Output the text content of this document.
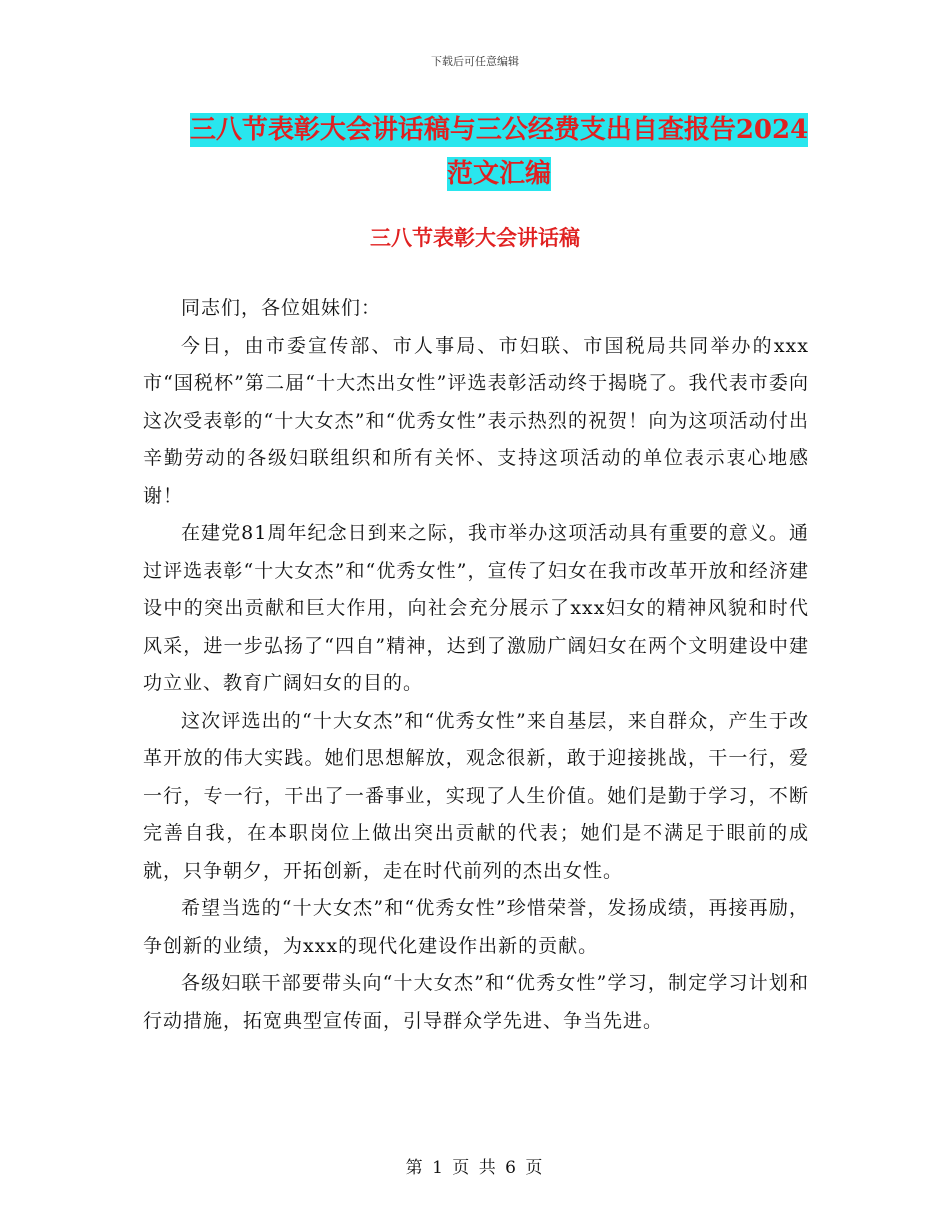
下载后可任意编辑
三八节表彰大会讲话稿与三公经费支出自查报告2024
范文汇编
三八节表彰大会讲话稿

同志们，各位姐妹们：

今日，由市委宣传部、市人事局、市妇联、市国税局共同举办的xxx市“国税杯”第二届“十大杰出女性”评选表彰活动终于揭晓了。我代表市委向这次受表彰的“十大女杰”和“优秀女性”表示热烈的祝贺！向为这项活动付出辛勤劳动的各级妇联组织和所有关怀、支持这项活动的单位表示衷心地感谢！

在建党81周年纪念日到来之际，我市举办这项活动具有重要的意义。通过评选表彰“十大女杰”和“优秀女性”，宣传了妇女在我市改革开放和经济建设中的突出贡献和巨大作用，向社会充分展示了xxx妇女的精神风貌和时代风采，进一步弘扬了“四自”精神，达到了激励广阔妇女在两个文明建设中建功立业、教育广阔妇女的目的。

这次评选出的“十大女杰”和“优秀女性”来自基层，来自群众，产生于改革开放的伟大实践。她们思想解放，观念很新，敢于迎接挑战，干一行，爱一行，专一行，干出了一番事业，实现了人生价值。她们是勤于学习，不断完善自我，在本职岗位上做出突出贡献的代表；她们是不满足于眼前的成就，只争朝夕，开拓创新，走在时代前列的杰出女性。

希望当选的“十大女杰”和“优秀女性”珍惜荣誉，发扬成绩，再接再励，争创新的业绩，为xxx的现代化建设作出新的贡献。

各级妇联干部要带头向“十大女杰”和“优秀女性”学习，制定学习计划和行动措施，拓宽典型宣传面，引导群众学先进、争当先进。

第 1 页 共 6 页
